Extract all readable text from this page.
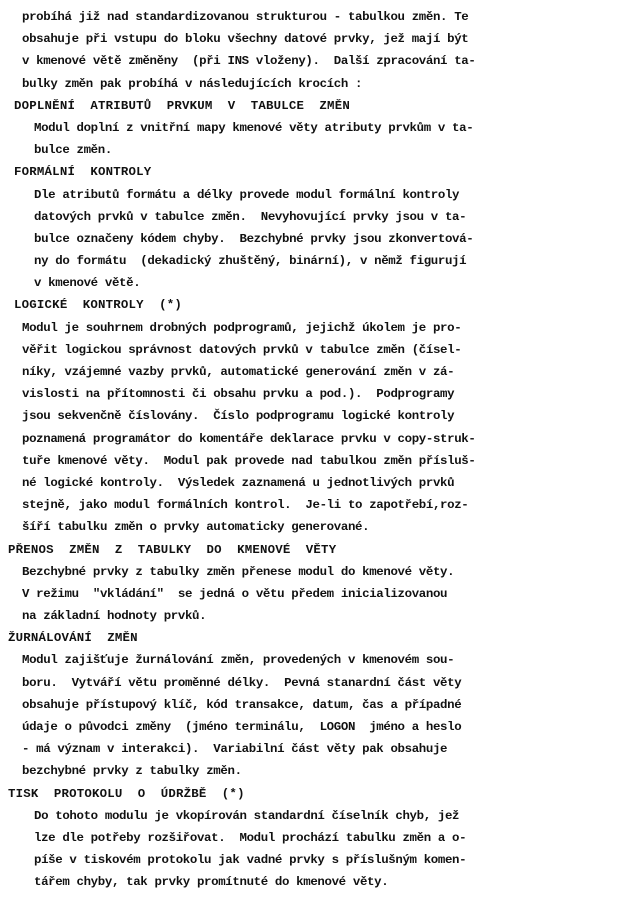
probíhá již nad standardizovanou strukturou - tabulkou změn. Te
obsahuje při vstupu do bloku všechny datové prvky, jež mají být
v kmenové větě změněny  (při INS vloženy).  Další zpracování ta-
bulky změn pak probíhá v následujících krocích :
DOPLNĚNÍ  ATRIBUTŮ  PRVKUM  V  TABULCE  ZMĚN
Modul doplní z vnitřní mapy kmenové věty atributy prvkům v ta-
bulce změn.
FORMÁLNÍ  KONTROLY
Dle atributů formátu a délky provede modul formální kontroly
datových prvků v tabulce změn.  Nevyhovující prvky jsou v ta-
bulce označeny kódem chyby.  Bezchybné prvky jsou zkonvertová-
ny do formátu  (dekadický zhuštěný, binární), v němž figurují
v kmenové větě.
LOGICKÉ  KONTROLY  (*)
Modul je souhrnem drobných podprogramů, jejichž úkolem je pro-
věřit logickou správnost datových prvků v tabulce změn (čísel-
níky, vzájemné vazby prvků, automatické generování změn v zá-
vislosti na přítomnosti či obsahu prvku a pod.).  Podprogramy
jsou sekvenčně číslovány.  Číslo podprogramu logické kontroly
poznamená programátor do komentáře deklarace prvku v copy-struk-
tuře kmenové věty.  Modul pak provede nad tabulkou změn přísluš-
né logické kontroly.  Výsledek zaznamená u jednotlivých prvků
stejně, jako modul formálních kontrol.  Je-li to zapotřebí,roz-
šíří tabulku změn o prvky automaticky generované.
PŘENOS  ZMĚN  Z  TABULKY  DO  KMENOVÉ  VĚTY
Bezchybné prvky z tabulky změn přenese modul do kmenové věty.
V režimu  "vkládání"  se jedná o větu předem inicializovanou
na základní hodnoty prvků.
ŽURNÁLOVÁNÍ  ZMĚN
Modul zajišťuje žurnálování změn, provedených v kmenovém sou-
boru.  Vytváří větu proměnné délky.  Pevná stanardní část věty
obsahuje přístupový klíč, kód transakce, datum, čas a případné
údaje o původci změny  (jméno terminálu,  LOGON  jméno a heslo
- má význam v interakci).  Variabilní část věty pak obsahuje
bezchybné prvky z tabulky změn.
TISK  PROTOKOLU  O  ÚDRŽBĚ  (*)
Do tohoto modulu je vkopírován standardní číselník chyb, jež
lze dle potřeby rozšiřovat.  Modul prochází tabulku změn a o-
píše v tiskovém protokolu jak vadné prvky s příslušným komen-
tářem chyby, tak prvky promítnuté do kmenové věty.
